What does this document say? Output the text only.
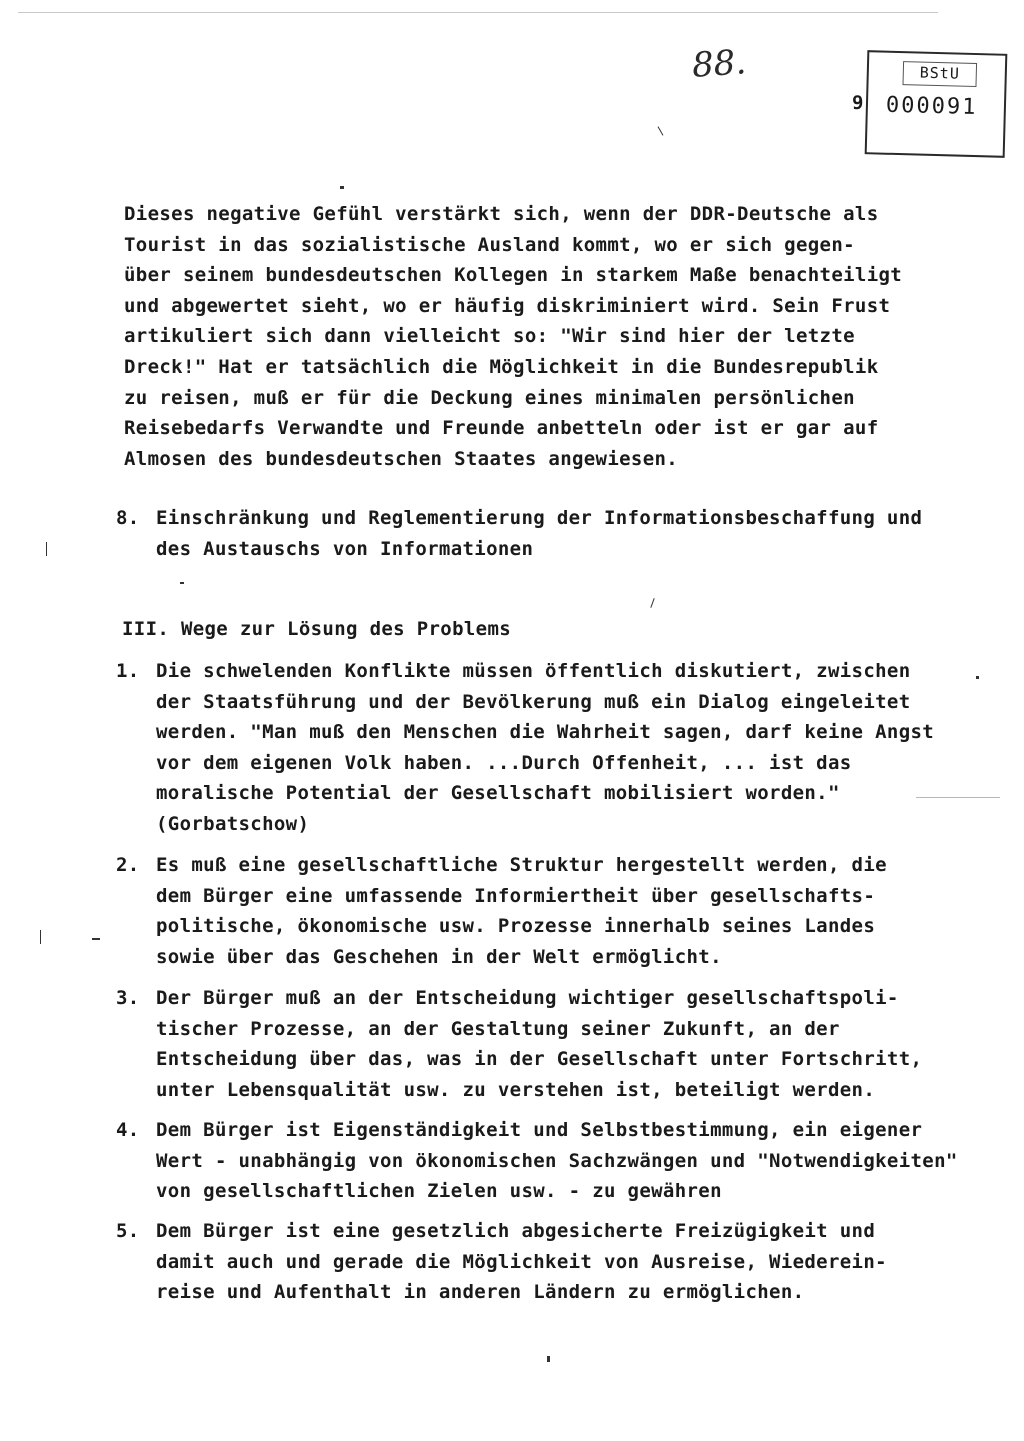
88.
9
BStU
000091
Dieses negative Gefühl verstärkt sich, wenn der DDR-Deutsche als
Tourist in das sozialistische Ausland kommt, wo er sich gegen-
über seinem bundesdeutschen Kollegen in starkem Maße benachteiligt
und abgewertet sieht, wo er häufig diskriminiert wird. Sein Frust
artikuliert sich dann vielleicht so: "Wir sind hier der letzte
Dreck!" Hat er tatsächlich die Möglichkeit in die Bundesrepublik
zu reisen, muß er für die Deckung eines minimalen persönlichen
Reisebedarfs Verwandte und Freunde anbetteln oder ist er gar auf
Almosen des bundesdeutschen Staates angewiesen.
8. Einschränkung und Reglementierung der Informationsbeschaffung und
des Austauschs von Informationen
III. Wege zur Lösung des Problems
1. Die schwelenden Konflikte müssen öffentlich diskutiert, zwischen
der Staatsführung und der Bevölkerung muß ein Dialog eingeleitet
werden. "Man muß den Menschen die Wahrheit sagen, darf keine Angst
vor dem eigenen Volk haben. ...Durch Offenheit, ... ist das
moralische Potential der Gesellschaft mobilisiert worden."
(Gorbatschow)
2. Es muß eine gesellschaftliche Struktur hergestellt werden, die
dem Bürger eine umfassende Informiertheit über gesellschafts-
politische, ökonomische usw. Prozesse innerhalb seines Landes
sowie über das Geschehen in der Welt ermöglicht.
3. Der Bürger muß an der Entscheidung wichtiger gesellschaftspoli-
tischer Prozesse, an der Gestaltung seiner Zukunft, an der
Entscheidung über das, was in der Gesellschaft unter Fortschritt,
unter Lebensqualität usw. zu verstehen ist, beteiligt werden.
4. Dem Bürger ist Eigenständigkeit und Selbstbestimmung, ein eigener
Wert - unabhängig von ökonomischen Sachzwängen und "Notwendigkeiten"
von gesellschaftlichen Zielen usw. - zu gewähren
5. Dem Bürger ist eine gesetzlich abgesicherte Freizügigkeit und
damit auch und gerade die Möglichkeit von Ausreise, Wiederein-
reise und Aufenthalt in anderen Ländern zu ermöglichen.
